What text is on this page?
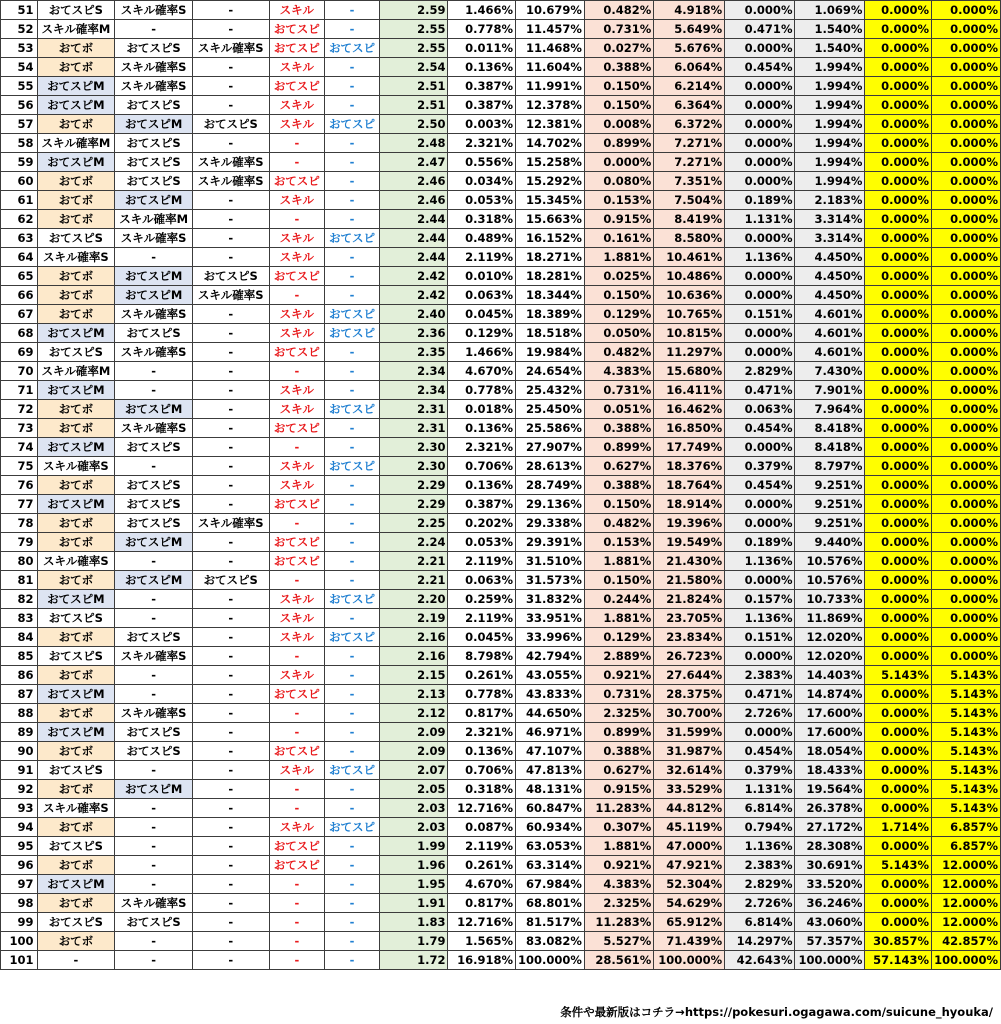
51	おてスピS	スキル確率S	-	スキル	-	2.59	1.466%	10.679%	0.482%	4.918%	0.000%	1.069%	0.000%	0.000%
52	スキル確率M	-	-	おてスピ	-	2.55	0.778%	11.457%	0.731%	5.649%	0.471%	1.540%	0.000%	0.000%
53	おてボ	おてスピS	スキル確率S	おてスピ	おてスピ	2.55	0.011%	11.468%	0.027%	5.676%	0.000%	1.540%	0.000%	0.000%
54	おてボ	スキル確率S	-	スキル	-	2.54	0.136%	11.604%	0.388%	6.064%	0.454%	1.994%	0.000%	0.000%
55	おてスピM	スキル確率S	-	おてスピ	-	2.51	0.387%	11.991%	0.150%	6.214%	0.000%	1.994%	0.000%	0.000%
56	おてスピM	おてスピS	-	スキル	-	2.51	0.387%	12.378%	0.150%	6.364%	0.000%	1.994%	0.000%	0.000%
57	おてボ	おてスピM	おてスピS	スキル	おてスピ	2.50	0.003%	12.381%	0.008%	6.372%	0.000%	1.994%	0.000%	0.000%
58	スキル確率M	おてスピS	-	-	-	2.48	2.321%	14.702%	0.899%	7.271%	0.000%	1.994%	0.000%	0.000%
59	おてスピM	おてスピS	スキル確率S	-	-	2.47	0.556%	15.258%	0.000%	7.271%	0.000%	1.994%	0.000%	0.000%
60	おてボ	おてスピS	スキル確率S	おてスピ	-	2.46	0.034%	15.292%	0.080%	7.351%	0.000%	1.994%	0.000%	0.000%
61	おてボ	おてスピM	-	スキル	-	2.46	0.053%	15.345%	0.153%	7.504%	0.189%	2.183%	0.000%	0.000%
62	おてボ	スキル確率M	-	-	-	2.44	0.318%	15.663%	0.915%	8.419%	1.131%	3.314%	0.000%	0.000%
63	おてスピS	スキル確率S	-	スキル	おてスピ	2.44	0.489%	16.152%	0.161%	8.580%	0.000%	3.314%	0.000%	0.000%
64	スキル確率S	-	-	スキル	-	2.44	2.119%	18.271%	1.881%	10.461%	1.136%	4.450%	0.000%	0.000%
65	おてボ	おてスピM	おてスピS	おてスピ	-	2.42	0.010%	18.281%	0.025%	10.486%	0.000%	4.450%	0.000%	0.000%
66	おてボ	おてスピM	スキル確率S	-	-	2.42	0.063%	18.344%	0.150%	10.636%	0.000%	4.450%	0.000%	0.000%
67	おてボ	スキル確率S	-	スキル	おてスピ	2.40	0.045%	18.389%	0.129%	10.765%	0.151%	4.601%	0.000%	0.000%
68	おてスピM	おてスピS	-	スキル	おてスピ	2.36	0.129%	18.518%	0.050%	10.815%	0.000%	4.601%	0.000%	0.000%
69	おてスピS	スキル確率S	-	おてスピ	-	2.35	1.466%	19.984%	0.482%	11.297%	0.000%	4.601%	0.000%	0.000%
70	スキル確率M	-	-	-	-	2.34	4.670%	24.654%	4.383%	15.680%	2.829%	7.430%	0.000%	0.000%
71	おてスピM	-	-	スキル	-	2.34	0.778%	25.432%	0.731%	16.411%	0.471%	7.901%	0.000%	0.000%
72	おてボ	おてスピM	-	スキル	おてスピ	2.31	0.018%	25.450%	0.051%	16.462%	0.063%	7.964%	0.000%	0.000%
73	おてボ	スキル確率S	-	おてスピ	-	2.31	0.136%	25.586%	0.388%	16.850%	0.454%	8.418%	0.000%	0.000%
74	おてスピM	おてスピS	-	-	-	2.30	2.321%	27.907%	0.899%	17.749%	0.000%	8.418%	0.000%	0.000%
75	スキル確率S	-	-	スキル	おてスピ	2.30	0.706%	28.613%	0.627%	18.376%	0.379%	8.797%	0.000%	0.000%
76	おてボ	おてスピS	-	スキル	-	2.29	0.136%	28.749%	0.388%	18.764%	0.454%	9.251%	0.000%	0.000%
77	おてスピM	おてスピS	-	おてスピ	-	2.29	0.387%	29.136%	0.150%	18.914%	0.000%	9.251%	0.000%	0.000%
78	おてボ	おてスピS	スキル確率S	-	-	2.25	0.202%	29.338%	0.482%	19.396%	0.000%	9.251%	0.000%	0.000%
79	おてボ	おてスピM	-	おてスピ	-	2.24	0.053%	29.391%	0.153%	19.549%	0.189%	9.440%	0.000%	0.000%
80	スキル確率S	-	-	おてスピ	-	2.21	2.119%	31.510%	1.881%	21.430%	1.136%	10.576%	0.000%	0.000%
81	おてボ	おてスピM	おてスピS	-	-	2.21	0.063%	31.573%	0.150%	21.580%	0.000%	10.576%	0.000%	0.000%
82	おてスピM	-	-	スキル	おてスピ	2.20	0.259%	31.832%	0.244%	21.824%	0.157%	10.733%	0.000%	0.000%
83	おてスピS	-	-	スキル	-	2.19	2.119%	33.951%	1.881%	23.705%	1.136%	11.869%	0.000%	0.000%
84	おてボ	おてスピS	-	スキル	おてスピ	2.16	0.045%	33.996%	0.129%	23.834%	0.151%	12.020%	0.000%	0.000%
85	おてスピS	スキル確率S	-	-	-	2.16	8.798%	42.794%	2.889%	26.723%	0.000%	12.020%	0.000%	0.000%
86	おてボ	-	-	スキル	-	2.15	0.261%	43.055%	0.921%	27.644%	2.383%	14.403%	5.143%	5.143%
87	おてスピM	-	-	おてスピ	-	2.13	0.778%	43.833%	0.731%	28.375%	0.471%	14.874%	0.000%	5.143%
88	おてボ	スキル確率S	-	-	-	2.12	0.817%	44.650%	2.325%	30.700%	2.726%	17.600%	0.000%	5.143%
89	おてスピM	おてスピS	-	-	-	2.09	2.321%	46.971%	0.899%	31.599%	0.000%	17.600%	0.000%	5.143%
90	おてボ	おてスピS	-	おてスピ	-	2.09	0.136%	47.107%	0.388%	31.987%	0.454%	18.054%	0.000%	5.143%
91	おてスピS	-	-	スキル	おてスピ	2.07	0.706%	47.813%	0.627%	32.614%	0.379%	18.433%	0.000%	5.143%
92	おてボ	おてスピM	-	-	-	2.05	0.318%	48.131%	0.915%	33.529%	1.131%	19.564%	0.000%	5.143%
93	スキル確率S	-	-	-	-	2.03	12.716%	60.847%	11.283%	44.812%	6.814%	26.378%	0.000%	5.143%
94	おてボ	-	-	スキル	おてスピ	2.03	0.087%	60.934%	0.307%	45.119%	0.794%	27.172%	1.714%	6.857%
95	おてスピS	-	-	おてスピ	-	1.99	2.119%	63.053%	1.881%	47.000%	1.136%	28.308%	0.000%	6.857%
96	おてボ	-	-	おてスピ	-	1.96	0.261%	63.314%	0.921%	47.921%	2.383%	30.691%	5.143%	12.000%
97	おてスピM	-	-	-	-	1.95	4.670%	67.984%	4.383%	52.304%	2.829%	33.520%	0.000%	12.000%
98	おてボ	スキル確率S	-	-	-	1.91	0.817%	68.801%	2.325%	54.629%	2.726%	36.246%	0.000%	12.000%
99	おてスピS	おてスピS	-	-	-	1.83	12.716%	81.517%	11.283%	65.912%	6.814%	43.060%	0.000%	12.000%
100	おてボ	-	-	-	-	1.79	1.565%	83.082%	5.527%	71.439%	14.297%	57.357%	30.857%	42.857%
101	-	-	-	-	-	1.72	16.918%	100.000%	28.561%	100.000%	42.643%	100.000%	57.143%	100.000%
条件や最新版はコチラ→https://pokesuri.ogagawa.com/suicune_hyouka/
